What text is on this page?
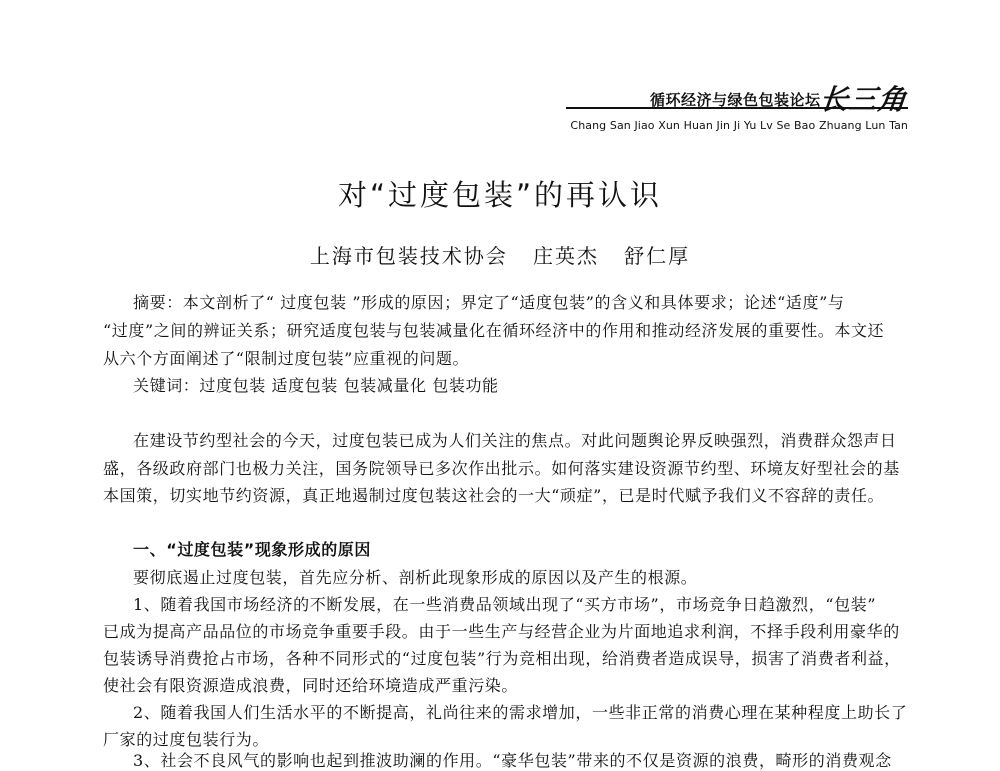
循环经济与绿色包装论坛
长三角
Chang San Jiao Xun Huan Jin Ji Yu Lv Se Bao Zhuang Lun Tan
对“过度包装”的再认识
上海市包装技术协会   庄英杰   舒仁厚
摘要：本文剖析了“ 过度包装 ”形成的原因；界定了“适度包装”的含义和具体要求；论述“适度”与
“过度”之间的辨证关系；研究适度包装与包装减量化在循环经济中的作用和推动经济发展的重要性。本文还
从六个方面阐述了“限制过度包装”应重视的问题。
关键词：过度包装 适度包装 包装减量化 包装功能
在建设节约型社会的今天，过度包装已成为人们关注的焦点。对此问题舆论界反映强烈，消费群众怨声日
盛，各级政府部门也极力关注，国务院领导已多次作出批示。如何落实建设资源节约型、环境友好型社会的基
本国策，切实地节约资源，真正地遏制过度包装这社会的一大“顽症”，已是时代赋予我们义不容辞的责任。
一、“过度包装”现象形成的原因
要彻底遏止过度包装，首先应分析、剖析此现象形成的原因以及产生的根源。
1、随着我国市场经济的不断发展，在一些消费品领域出现了“买方市场”，市场竞争日趋激烈，“包装”
已成为提高产品品位的市场竞争重要手段。由于一些生产与经营企业为片面地追求利润，不择手段利用豪华的
包装诱导消费抢占市场，各种不同形式的“过度包装”行为竞相出现，给消费者造成误导，损害了消费者利益，
使社会有限资源造成浪费，同时还给环境造成严重污染。
2、随着我国人们生活水平的不断提高，礼尚往来的需求增加，一些非正常的消费心理在某种程度上助长了
厂家的过度包装行为。
3、社会不良风气的影响也起到推波助澜的作用。“豪华包装”带来的不仅是资源的浪费，畸形的消费观念
